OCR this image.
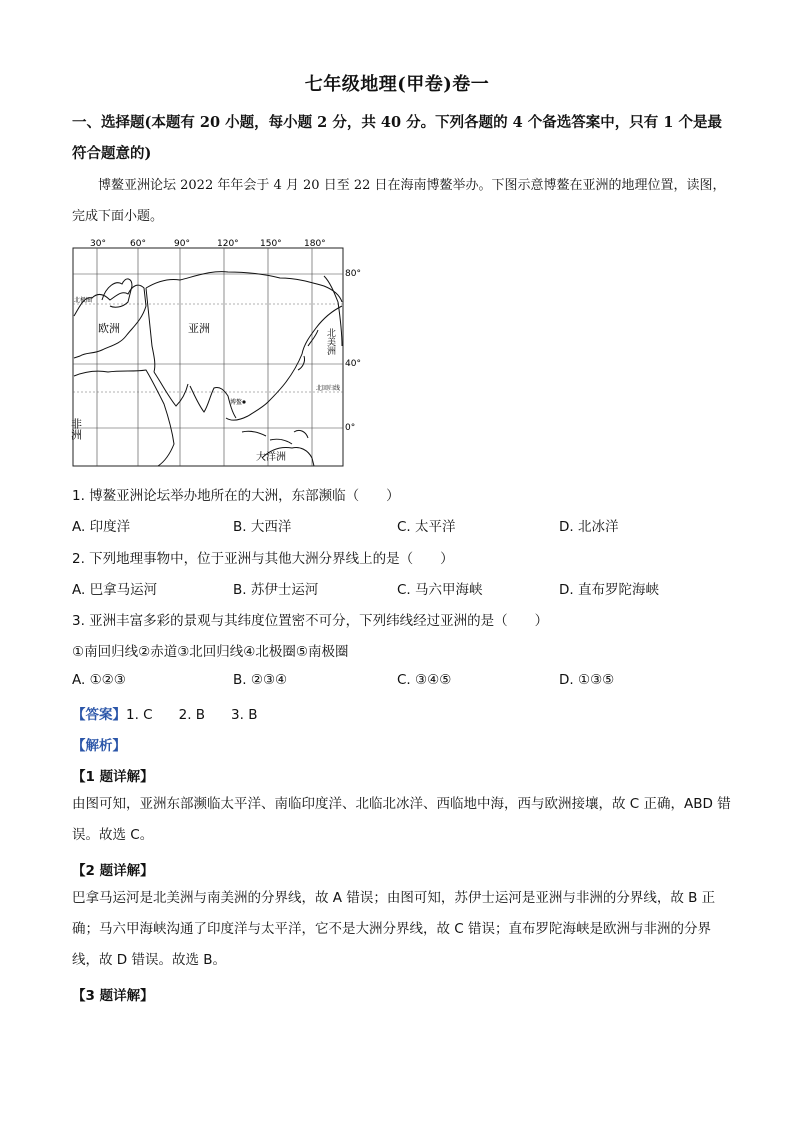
七年级地理(甲卷)卷一
一、选择题(本题有 20 小题，每小题 2 分，共 40 分。下列各题的 4 个备选答案中，只有 1 个是最 符合题意的)
博鳌亚洲论坛 2022 年年会于 4 月 20 日至 22 日在海南博鳌举办。下图示意博鳌在亚洲的地理位置，读图，完成下面小题。
30°	60°	90°	120° 150° 180°
80°
40°
0°
欧洲	亚洲	北美洲
非洲
大洋洲
北极圈
北回归线
博鳌
1. 博鳌亚洲论坛举办地所在的大洲，东部濒临（　　）
A. 印度洋	B. 大西洋	C. 太平洋	D. 北冰洋
2. 下列地理事物中，位于亚洲与其他大洲分界线上的是（　　）
A. 巴拿马运河	B. 苏伊士运河	C. 马六甲海峡	D. 直布罗陀海峡
3. 亚洲丰富多彩的景观与其纬度位置密不可分，下列纬线经过亚洲的是（　　）
①南回归线②赤道③北回归线④北极圈⑤南极圈
A. ①②③	B. ②③④	C. ③④⑤	D. ①③⑤
【答案】1. C 2. B 3. B
【解析】
【1 题详解】
由图可知，亚洲东部濒临太平洋、南临印度洋、北临北冰洋、西临地中海，西与欧洲接壤，故 C 正确，ABD 错误。故选 C。
【2 题详解】
巴拿马运河是北美洲与南美洲的分界线，故 A 错误；由图可知，苏伊士运河是亚洲与非洲的分界线，故 B 正确；马六甲海峡沟通了印度洋与太平洋，它不是大洲分界线，故 C 错误；直布罗陀海峡是欧洲与非洲的分界线，故 D 错误。故选 B。
【3 题详解】
